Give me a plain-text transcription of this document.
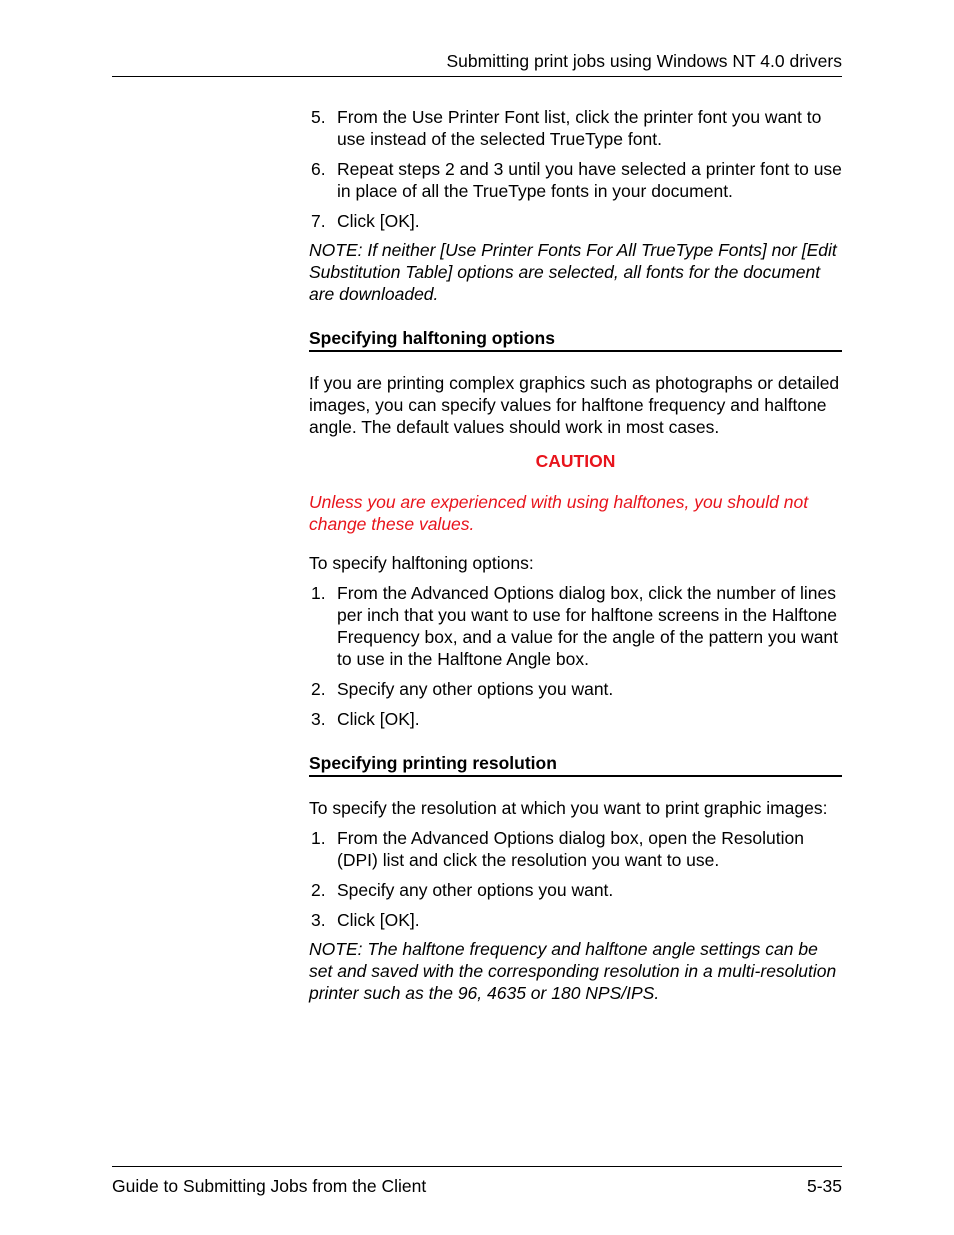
Submitting print jobs using Windows NT 4.0 drivers
5. From the Use Printer Font list, click the printer font you want to use instead of the selected TrueType font.
6. Repeat steps 2 and 3 until you have selected a printer font to use in place of all the TrueType fonts in your document.
7. Click [OK].

NOTE: If neither [Use Printer Fonts For All TrueType Fonts] nor [Edit Substitution Table] options are selected, all fonts for the document are downloaded.

Specifying halftoning options

If you are printing complex graphics such as photographs or detailed images, you can specify values for halftone frequency and halftone angle. The default values should work in most cases.

CAUTION

Unless you are experienced with using halftones, you should not change these values.

To specify halftoning options:

1. From the Advanced Options dialog box, click the number of lines per inch that you want to use for halftone screens in the Halftone Frequency box, and a value for the angle of the pattern you want to use in the Halftone Angle box.
2. Specify any other options you want.
3. Click [OK].
Specifying printing resolution

To specify the resolution at which you want to print graphic images:

1. From the Advanced Options dialog box, open the Resolution (DPI) list and click the resolution you want to use.
2. Specify any other options you want.
3. Click [OK].

NOTE: The halftone frequency and halftone angle settings can be set and saved with the corresponding resolution in a multi-resolution printer such as the 96, 4635 or 180 NPS/IPS.

Guide to Submitting Jobs from the Client	5-35
